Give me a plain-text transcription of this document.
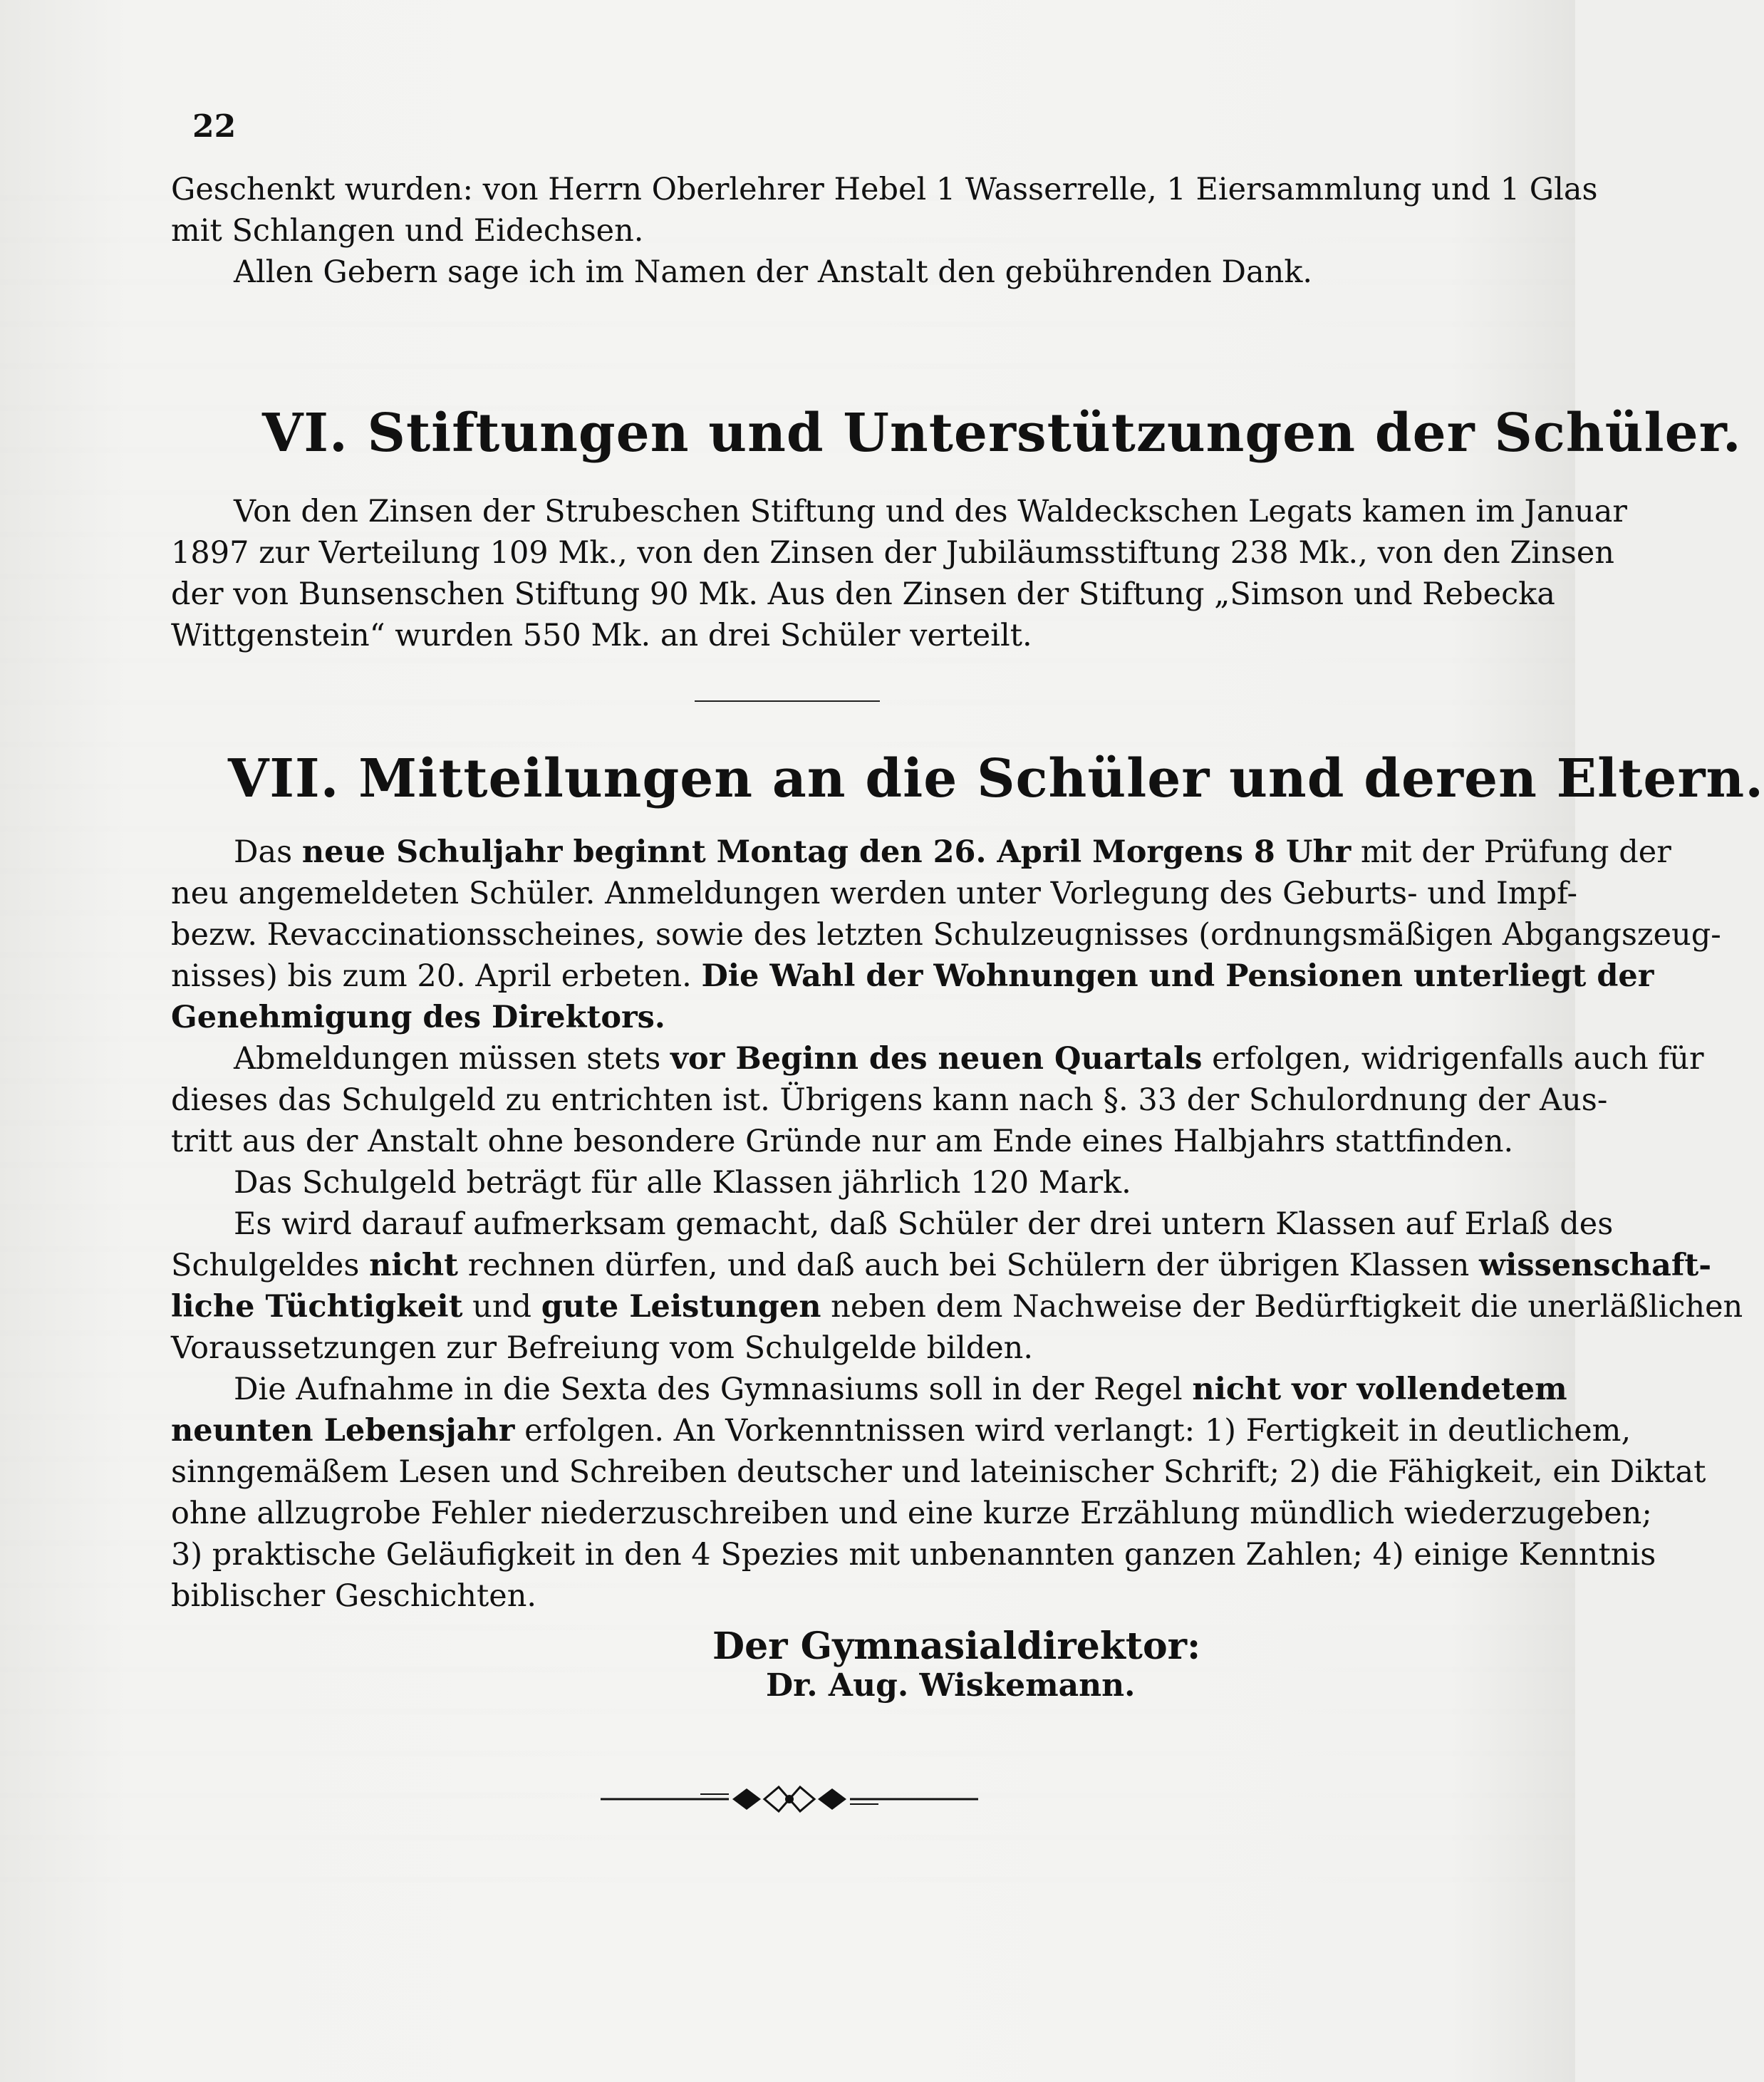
22
Geschenkt wurden: von Herrn Oberlehrer Hebel 1 Wasserrelle, 1 Eiersammlung und 1 Glas
mit Schlangen und Eidechsen.
Allen Gebern sage ich im Namen der Anstalt den gebührenden Dank.
VI. Stiftungen und Unterstützungen der Schüler.
Von den Zinsen der Strubeschen Stiftung und des Waldeckschen Legats kamen im Januar
1897 zur Verteilung 109 Mk., von den Zinsen der Jubiläumsstiftung 238 Mk., von den Zinsen
der von Bunsenschen Stiftung 90 Mk. Aus den Zinsen der Stiftung „Simson und Rebecka
Wittgenstein“ wurden 550 Mk. an drei Schüler verteilt.
VII. Mitteilungen an die Schüler und deren Eltern.
Das neue Schuljahr beginnt Montag den 26. April Morgens 8 Uhr mit der Prüfung der
neu angemeldeten Schüler. Anmeldungen werden unter Vorlegung des Geburts- und Impf-
bezw. Revaccinationsscheines, sowie des letzten Schulzeugnisses (ordnungsmäßigen Abgangszeug-
nisses) bis zum 20. April erbeten. Die Wahl der Wohnungen und Pensionen unterliegt der
Genehmigung des Direktors.
Abmeldungen müssen stets vor Beginn des neuen Quartals erfolgen, widrigenfalls auch für
dieses das Schulgeld zu entrichten ist. Übrigens kann nach §. 33 der Schulordnung der Aus-
tritt aus der Anstalt ohne besondere Gründe nur am Ende eines Halbjahrs stattfinden.
Das Schulgeld beträgt für alle Klassen jährlich 120 Mark.
Es wird darauf aufmerksam gemacht, daß Schüler der drei untern Klassen auf Erlaß des
Schulgeldes nicht rechnen dürfen, und daß auch bei Schülern der übrigen Klassen wissenschaft-
liche Tüchtigkeit und gute Leistungen neben dem Nachweise der Bedürftigkeit die unerläßlichen
Voraussetzungen zur Befreiung vom Schulgelde bilden.
Die Aufnahme in die Sexta des Gymnasiums soll in der Regel nicht vor vollendetem
neunten Lebensjahr erfolgen. An Vorkenntnissen wird verlangt: 1) Fertigkeit in deutlichem,
sinngemäßem Lesen und Schreiben deutscher und lateinischer Schrift; 2) die Fähigkeit, ein Diktat
ohne allzugrobe Fehler niederzuschreiben und eine kurze Erzählung mündlich wiederzugeben;
3) praktische Geläufigkeit in den 4 Spezies mit unbenannten ganzen Zahlen; 4) einige Kenntnis
biblischer Geschichten.
Der Gymnasialdirektor:
Dr. Aug. Wiskemann.
